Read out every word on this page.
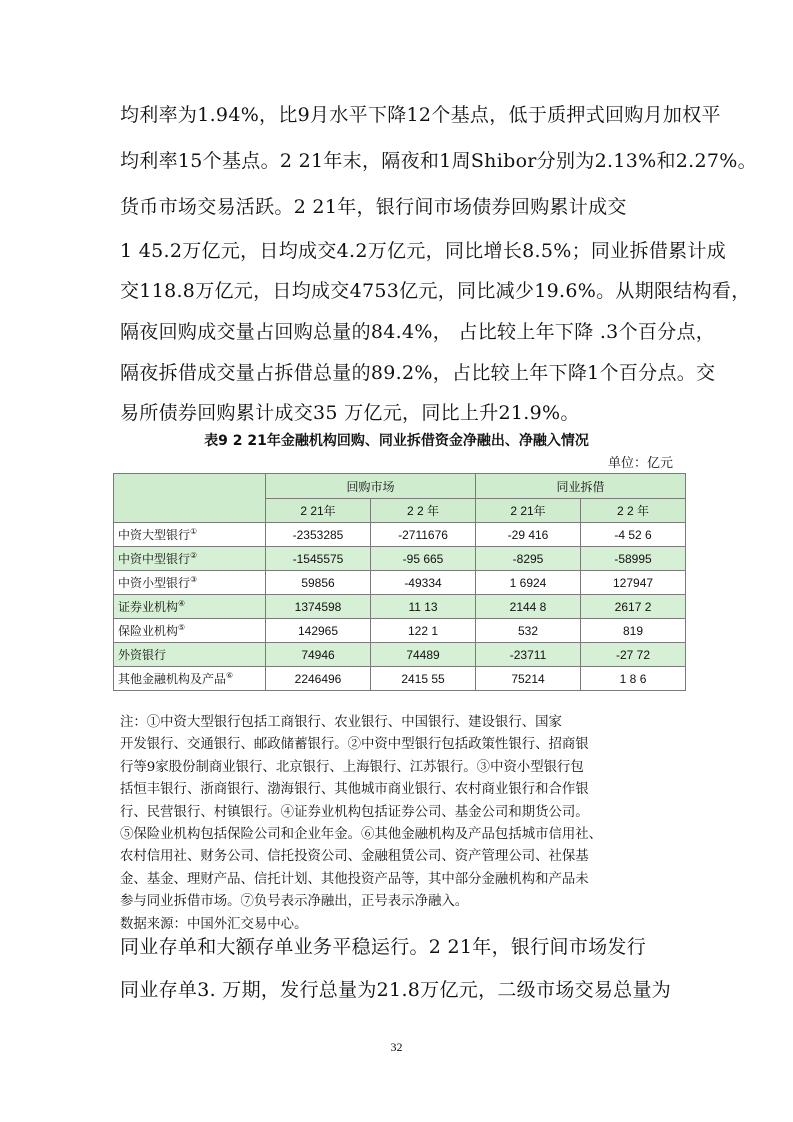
均利率为1.94%，比9月水平下降12个基点，低于质押式回购月加权平

均利率15个基点。2 21年末，隔夜和1周Shibor分别为2.13%和2.27%。

货币市场交易活跃。2 21年，银行间市场债券回购累计成交

1 45.2万亿元，日均成交4.2万亿元，同比增长8.5%；同业拆借累计成

交118.8万亿元，日均成交4753亿元，同比减少19.6%。从期限结构看，

隔夜回购成交量占回购总量的84.4%， 占比较上年下降 .3个百分点，

隔夜拆借成交量占拆借总量的89.2%，占比较上年下降1个百分点。交

易所债券回购累计成交35 万亿元，同比上升21.9%。

表9 2 21年金融机构回购、同业拆借资金净融出、净融入情况
单位：亿元
	回购市场		同业拆借	
	2 21年	2 2 年	2 21年	2 2 年
中资大型银行①	-2353285	-2711676	-29 416	-4 52 6
中资中型银行②	-1545575	-95 665	-8295	-58995
中资小型银行③	59856	-49334	1 6924	127947
证券业机构④	1374598	11 13	2144 8	2617 2
保险业机构⑤	142965	122 1	532	819
外资银行	74946	74489	-23711	-27 72
其他金融机构及产品⑥	2246496	2415 55	75214	1 8 6

注：①中资大型银行包括工商银行、农业银行、中国银行、建设银行、国家

开发银行、交通银行、邮政储蓄银行。②中资中型银行包括政策性银行、招商银

行等9家股份制商业银行、北京银行、上海银行、江苏银行。③中资小型银行包

括恒丰银行、浙商银行、渤海银行、其他城市商业银行、农村商业银行和合作银

行、民营银行、村镇银行。④证券业机构包括证券公司、基金公司和期货公司。

⑤保险业机构包括保险公司和企业年金。⑥其他金融机构及产品包括城市信用社、

农村信用社、财务公司、信托投资公司、金融租赁公司、资产管理公司、社保基

金、基金、理财产品、信托计划、其他投资产品等，其中部分金融机构和产品未

参与同业拆借市场。⑦负号表示净融出，正号表示净融入。

数据来源：中国外汇交易中心。

同业存单和大额存单业务平稳运行。2 21年，银行间市场发行

同业存单3. 万期，发行总量为21.8万亿元，二级市场交易总量为

32
